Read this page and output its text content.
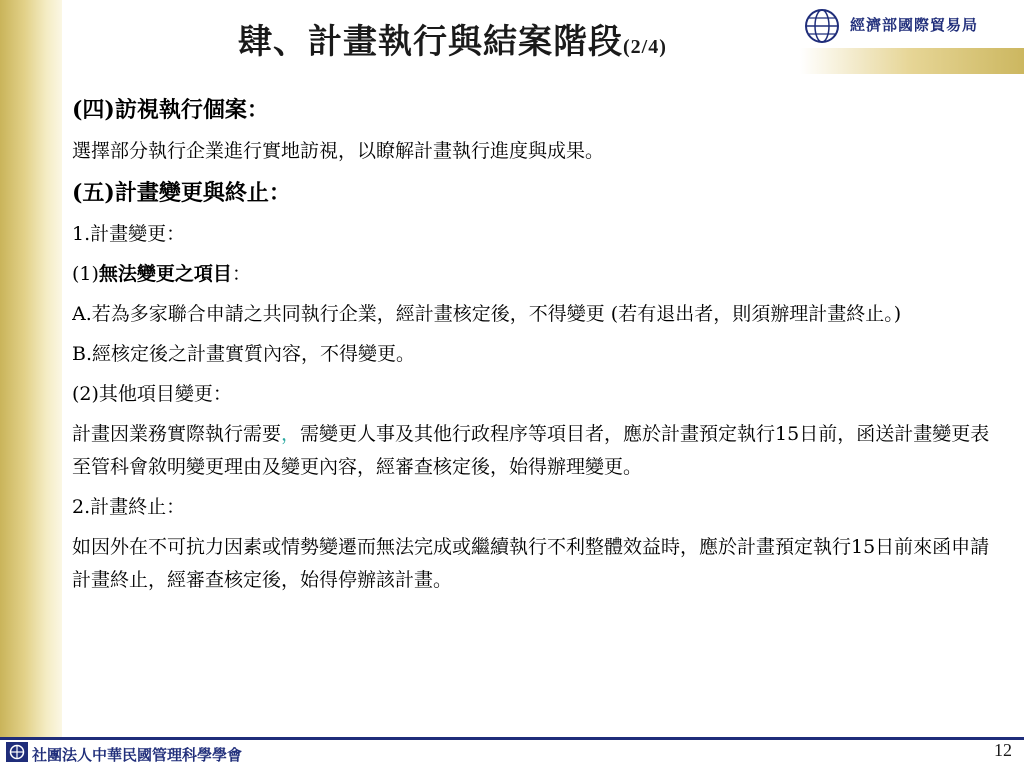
經濟部國際貿易局
肆、計畫執行與結案階段(2/4)

(四)訪視執行個案：

選擇部分執行企業進行實地訪視，以瞭解計畫執行進度與成果。

(五)計畫變更與終止：

1.計畫變更：

(1)無法變更之項目：

A.若為多家聯合申請之共同執行企業，經計畫核定後，不得變更 (若有退出者，則須辦理計畫終止。)

B.經核定後之計畫實質內容，不得變更。

(2)其他項目變更：

計畫因業務實際執行需要，需變更人事及其他行政程序等項目者，應於計畫預定執行15日前，函送計畫變更表至管科會敘明變更理由及變更內容，經審查核定後，始得辦理變更。

2.計畫終止：

如因外在不可抗力因素或情勢變遷而無法完成或繼續執行不利整體效益時，應於計畫預定執行15日前來函申請計畫終止，經審查核定後，始得停辦該計畫。

社團法人中華民國管理科學學會	12
